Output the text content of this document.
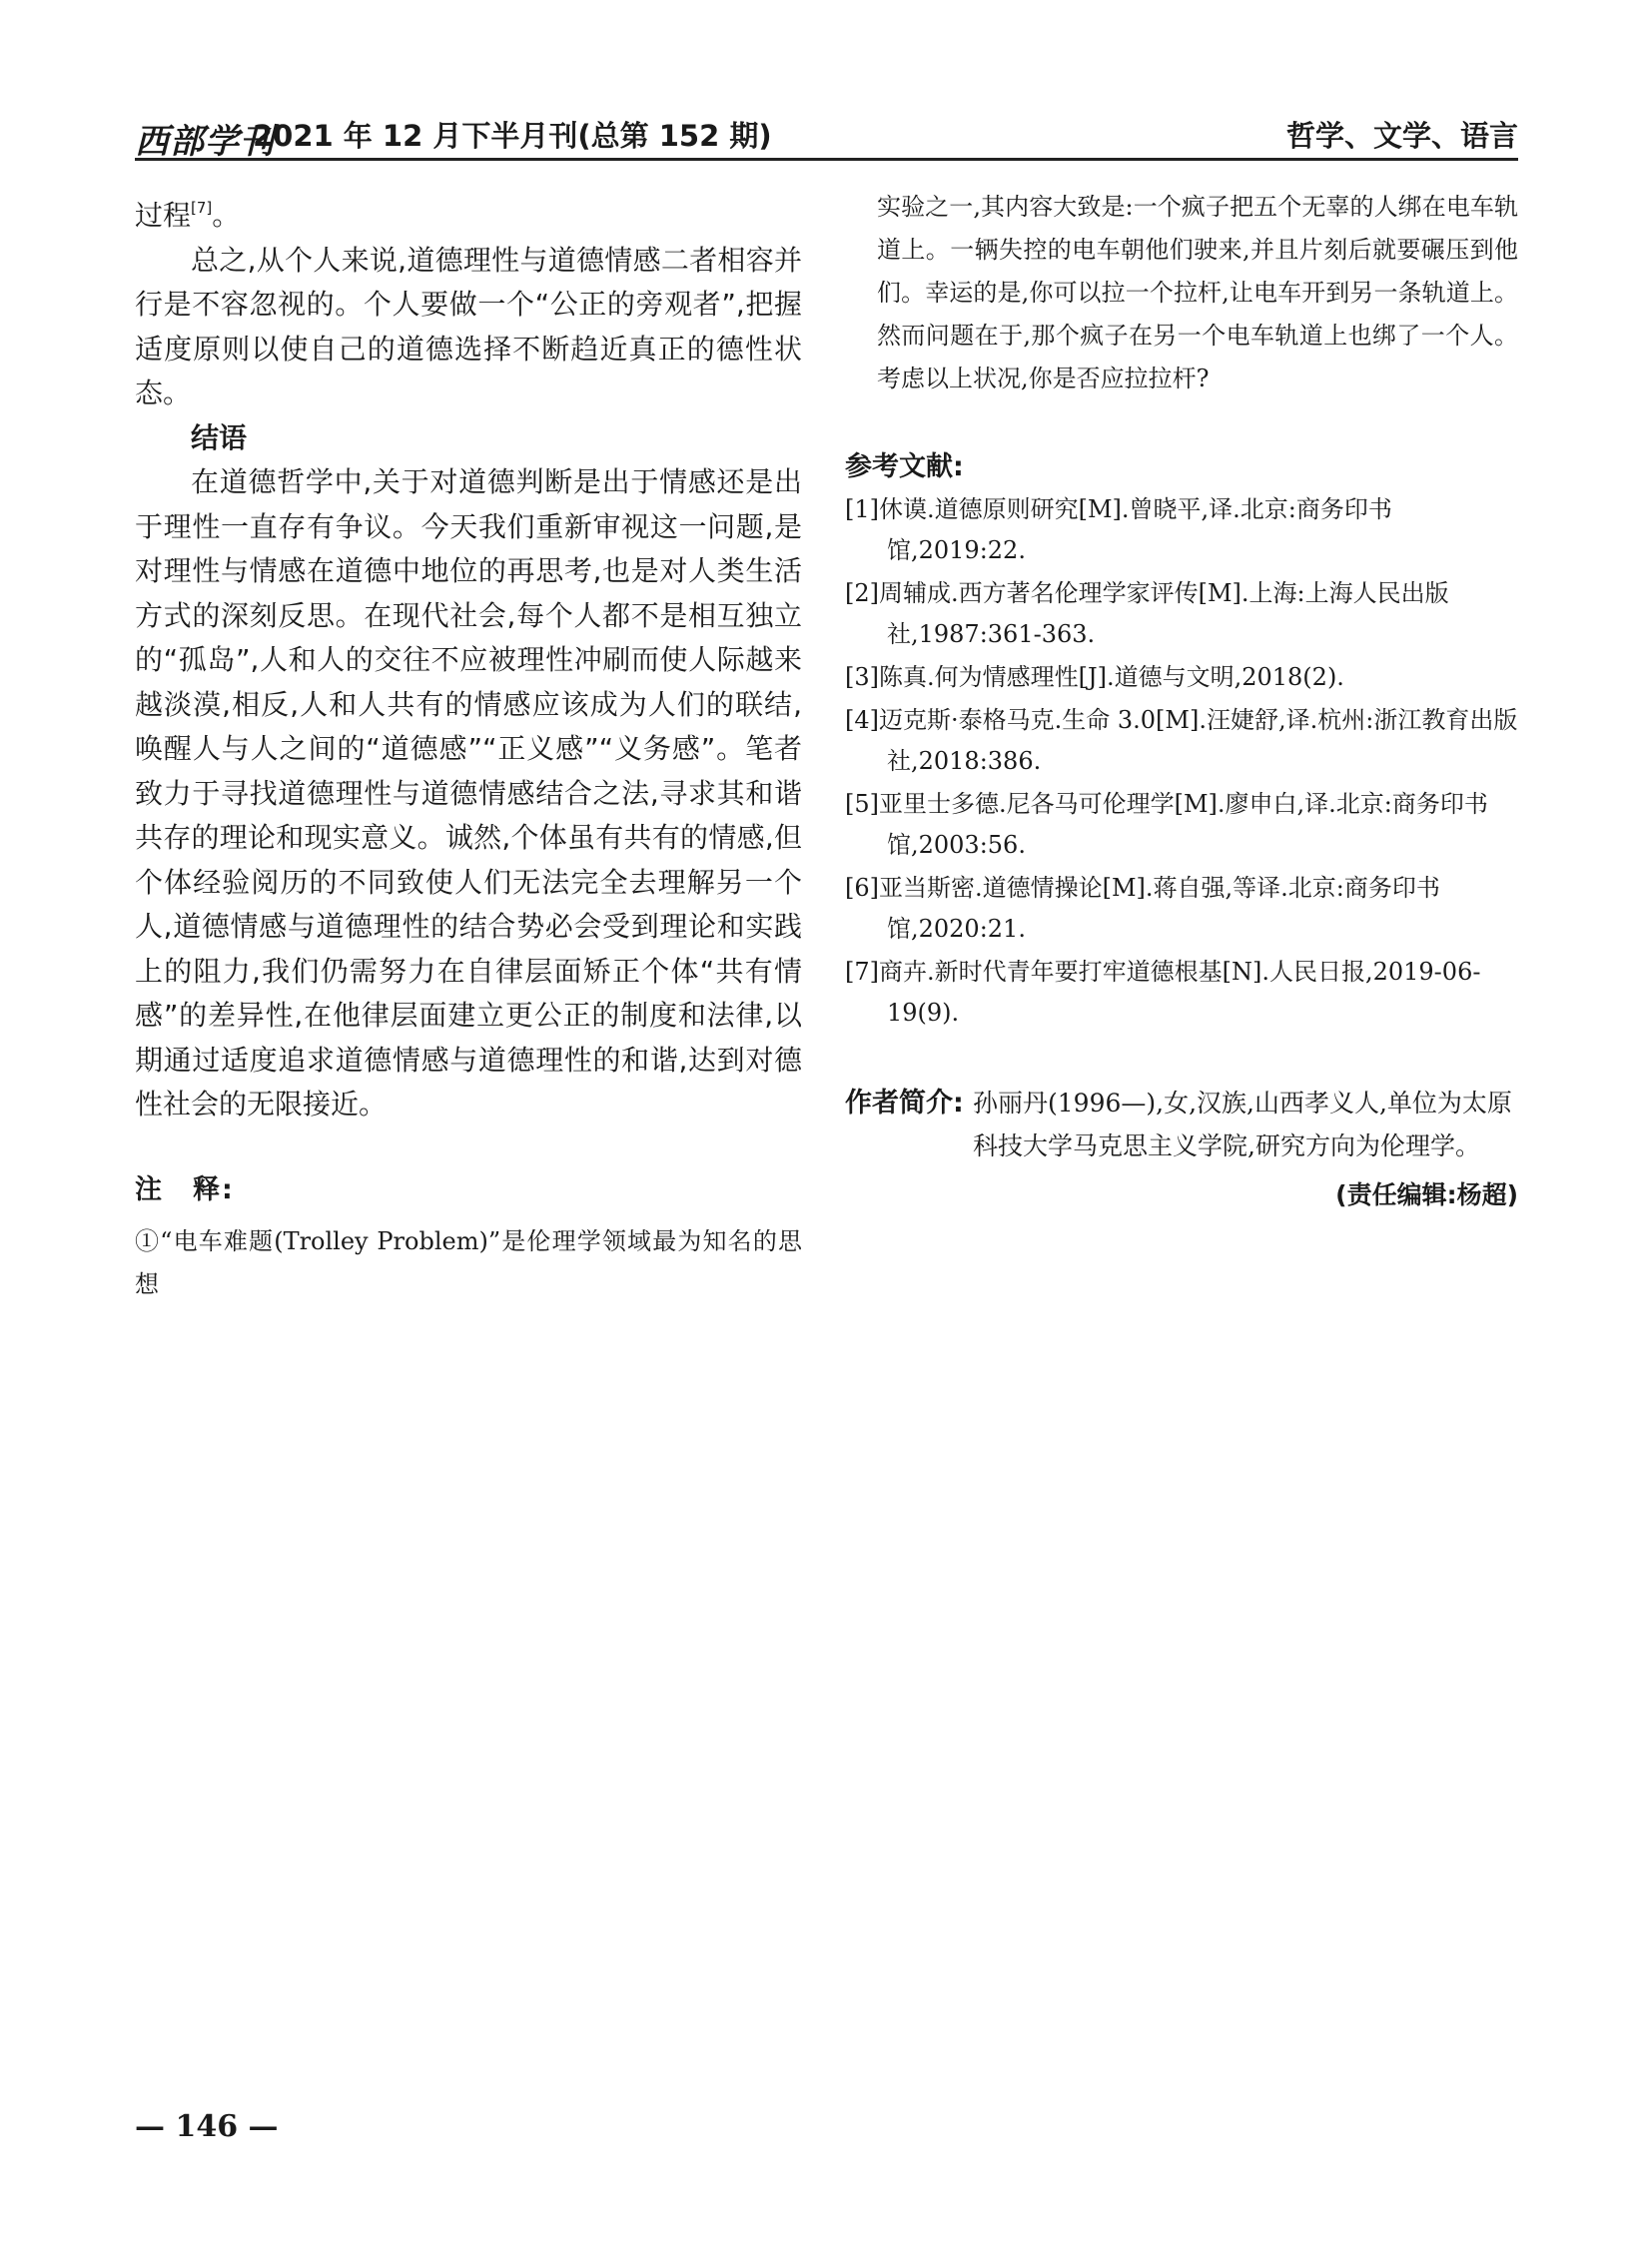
西部学刊
2021 年 12 月下半月刊(总第 152 期)	哲学、文学、语言

过程[7]。

总之,从个人来说,道德理性与道德情感二者相容并行是不容忽视的。个人要做一个“公正的旁观者”,把握适度原则以使自己的道德选择不断趋近真正的德性状态。

结语

在道德哲学中,关于对道德判断是出于情感还是出于理性一直存有争议。今天我们重新审视这一问题,是对理性与情感在道德中地位的再思考,也是对人类生活方式的深刻反思。在现代社会,每个人都不是相互独立的“孤岛”,人和人的交往不应被理性冲刷而使人际越来越淡漠,相反,人和人共有的情感应该成为人们的联结,唤醒人与人之间的“道德感”“正义感”“义务感”。笔者致力于寻找道德理性与道德情感结合之法,寻求其和谐共存的理论和现实意义。诚然,个体虽有共有的情感,但个体经验阅历的不同致使人们无法完全去理解另一个人,道德情感与道德理性的结合势必会受到理论和实践上的阻力,我们仍需努力在自律层面矫正个体“共有情感”的差异性,在他律层面建立更公正的制度和法律,以期通过适度追求道德情感与道德理性的和谐,达到对德性社会的无限接近。

注　释:

①“电车难题(Trolley Problem)”是伦理学领域最为知名的思想

实验之一,其内容大致是:一个疯子把五个无辜的人绑在电车轨道上。一辆失控的电车朝他们驶来,并且片刻后就要碾压到他们。幸运的是,你可以拉一个拉杆,让电车开到另一条轨道上。然而问题在于,那个疯子在另一个电车轨道上也绑了一个人。考虑以上状况,你是否应拉拉杆?

参考文献:

[1]休谟.道德原则研究[M].曾晓平,译.北京:商务印书馆,2019:22.

[2]周辅成.西方著名伦理学家评传[M].上海:上海人民出版社,1987:361-363.

[3]陈真.何为情感理性[J].道德与文明,2018(2).

[4]迈克斯·泰格马克.生命 3.0[M].汪婕舒,译.杭州:浙江教育出版社,2018:386.

[5]亚里士多德.尼各马可伦理学[M].廖申白,译.北京:商务印书馆,2003:56.

[6]亚当斯密.道德情操论[M].蒋自强,等译.北京:商务印书馆,2020:21.

[7]商卉.新时代青年要打牢道德根基[N].人民日报,2019-06-19(9).

作者简介: 孙丽丹(1996—),女,汉族,山西孝义人,单位为太原科技大学马克思主义学院,研究方向为伦理学。

(责任编辑:杨超)
— 146 —
